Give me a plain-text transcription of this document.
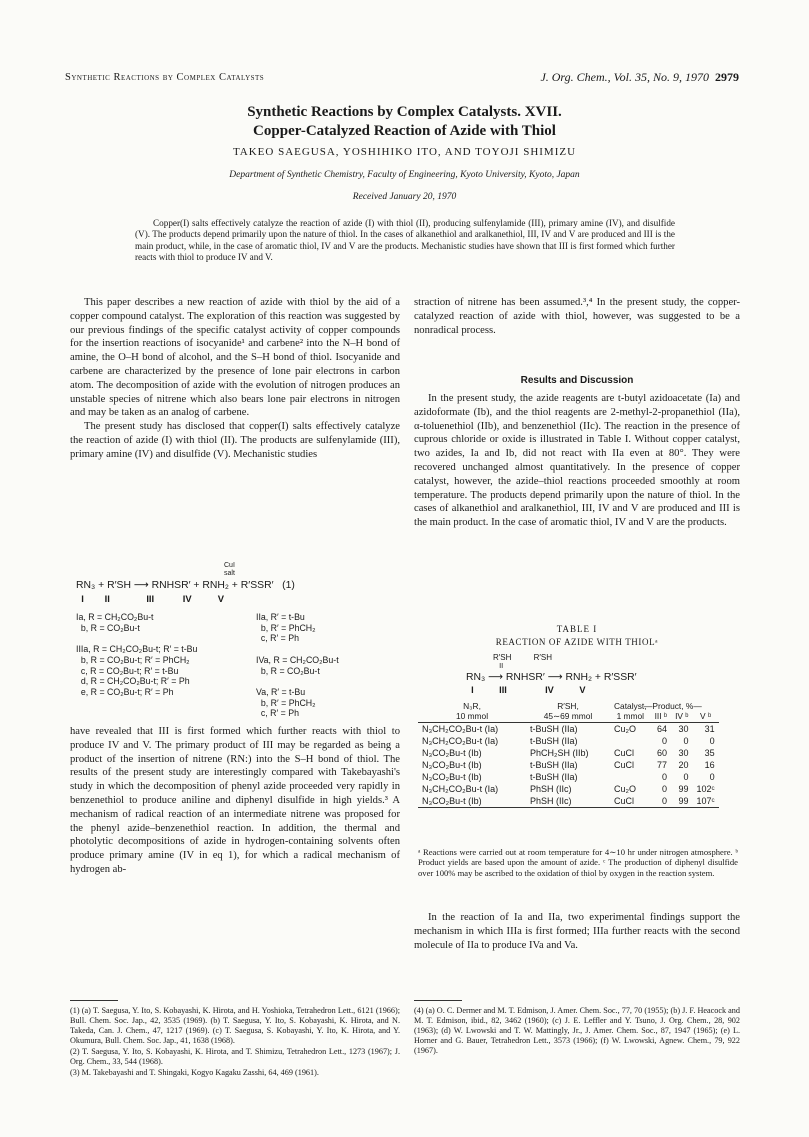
Synthetic Reactions by Complex Catalysts	J. Org. Chem., Vol. 35, No. 9, 1970 2979
Synthetic Reactions by Complex Catalysts. XVII.
Copper-Catalyzed Reaction of Azide with Thiol
TAKEO SAEGUSA, YOSHIHIKO ITO, AND TOYOJI SHIMIZU
Department of Synthetic Chemistry, Faculty of Engineering, Kyoto University, Kyoto, Japan
Received January 20, 1970
Copper(I) salts effectively catalyze the reaction of azide (I) with thiol (II), producing sulfenylamide (III), primary amine (IV), and disulfide (V). The products depend primarily upon the nature of thiol. In the cases of alkanethiol and aralkanethiol, III, IV and V are produced and III is the main product, while, in the case of aromatic thiol, IV and V are the products. Mechanistic studies have shown that III is first formed which further reacts with thiol to produce IV and V.

This paper describes a new reaction of azide with thiol by the aid of a copper compound catalyst. The exploration of this reaction was suggested by our previous findings of the specific catalyst activity of copper compounds for the insertion reactions of isocyanide¹ and carbene² into the N–H bond of amine, the O–H bond of alcohol, and the S–H bond of thiol. Isocyanide and carbene are characterized by the presence of lone pair electrons in carbon atom. The decomposition of azide with the evolution of nitrogen produces an unstable species of nitrene which also bears lone pair electrons in nitrogen and may be taken as an analog of carbene.

The present study has disclosed that copper(I) salts effectively catalyze the reaction of azide (I) with thiol (II). The products are sulfenylamide (III), primary amine (IV) and disulfide (V). Mechanistic studies

CuI
salt
RN₃ + R′SH ⟶ RNHSR′ + RNH₂ + R′SSR′   (1)
I        II              III           IV          V
Ia, R = CH₂CO₂Bu-t
b, R = CO₂Bu-t

IIIa, R = CH₂CO₂Bu-t; R′ = t-Bu
b, R = CO₂Bu-t; R′ = PhCH₂
c, R = CO₂Bu-t; R′ = t-Bu
d, R = CH₂CO₂Bu-t; R′ = Ph
e, R = CO₂Bu-t; R′ = Ph
IIa, R′ = t-Bu
b, R′ = PhCH₂
c, R′ = Ph

IVa, R = CH₂CO₂Bu-t
b, R = CO₂Bu-t

Va, R′ = t-Bu
b, R′ = PhCH₂
c, R′ = Ph

have revealed that III is first formed which further reacts with thiol to produce IV and V. The primary product of III may be regarded as being a product of the insertion of nitrene (RN:) into the S–H bond of thiol. The results of the present study are interestingly compared with Takebayashi's study in which the decomposition of phenyl azide proceeded very rapidly in benzenethiol to produce aniline and diphenyl disulfide in high yields.³ A mechanism of radical reaction of an intermediate nitrene was proposed for the phenyl azide–benzenethiol reaction. In addition, the thermal and photolytic decompositions of azide in hydrogen-containing solvents often produce primary amine (IV in eq 1), for which a radical mechanism of hydrogen ab-

(1) (a) T. Saegusa, Y. Ito, S. Kobayashi, K. Hirota, and H. Yoshioka, Tetrahedron Lett., 6121 (1966); Bull. Chem. Soc. Jap., 42, 3535 (1969). (b) T. Saegusa, Y. Ito, S. Kobayashi, K. Hirota, and N. Takeda, Can. J. Chem., 47, 1217 (1969). (c) T. Saegusa, S. Kobayashi, Y. Ito, K. Hirota, and Y. Okumura, Bull. Chem. Soc. Jap., 41, 1638 (1968).
(2) T. Saegusa, Y. Ito, S. Kobayashi, K. Hirota, and T. Shimizu, Tetrahedron Lett., 1273 (1967); J. Org. Chem., 33, 544 (1968).
(3) M. Takebayashi and T. Shingaki, Kogyo Kagaku Zasshi, 64, 469 (1961).

straction of nitrene has been assumed.³,⁴ In the present study, the copper-catalyzed reaction of azide with thiol, however, was suggested to be a nonradical process.

Results and Discussion

In the present study, the azide reagents are t-butyl azidoacetate (Ia) and azidoformate (Ib), and the thiol reagents are 2-methyl-2-propanethiol (IIa), α-toluenethiol (IIb), and benzenethiol (IIc). The reaction in the presence of cuprous chloride or oxide is illustrated in Table I. Without copper catalyst, two azides, Ia and Ib, did not react with IIa even at 80°. They were recovered unchanged almost quantitatively. In the presence of copper catalyst, however, the azide–thiol reactions proceeded smoothly at room temperature. The products depend primarily upon the nature of thiol. In the cases of alkanethiol and aralkanethiol, III, IV and V are produced and III is the main product. In the case of aromatic thiol, IV and V are the products.

TABLE I
REACTION OF AZIDE WITH THIOLᵃ
R′SH          R′SH
II
RN₃ ⟶ RNHSR′ ⟶ RNH₂ + R′SSR′
I          III               IV          V
—Product, %—
N₃R,
10 mmol	R′SH,
45∼69 mmol	Catalyst,
1 mmol	III ᵇ	IV ᵇ	V ᵇ
N₃CH₂CO₂Bu-t (Ia)	t-BuSH (IIa)	Cu₂O	64	30	31
N₃CH₂CO₂Bu-t (Ia)	t-BuSH (IIa)		0	0	0
N₃CO₂Bu-t (Ib)	PhCH₂SH (IIb)	CuCl	60	30	35
N₃CO₂Bu-t (Ib)	t-BuSH (IIa)	CuCl	77	20	16
N₃CO₂Bu-t (Ib)	t-BuSH (IIa)		0	0	0
N₃CH₂CO₂Bu-t (Ia)	PhSH (IIc)	Cu₂O	0	99	102ᶜ
N₃CO₂Bu-t (Ib)	PhSH (IIc)	CuCl	0	99	107ᶜ
ᵃ Reactions were carried out at room temperature for 4∼10 hr under nitrogen atmosphere. ᵇ Product yields are based upon the amount of azide. ᶜ The production of diphenyl disulfide over 100% may be ascribed to the oxidation of thiol by oxygen in the reaction system.

In the reaction of Ia and IIa, two experimental findings support the mechanism in which IIIa is first formed; IIIa further reacts with the second molecule of IIa to produce IVa and Va.

(4) (a) O. C. Dermer and M. T. Edmison, J. Amer. Chem. Soc., 77, 70 (1955); (b) J. F. Heacock and M. T. Edmison, ibid., 82, 3462 (1960); (c) J. E. Leffler and Y. Tsuno, J. Org. Chem., 28, 902 (1963); (d) W. Lwowski and T. W. Mattingly, Jr., J. Amer. Chem. Soc., 87, 1947 (1965); (e) L. Horner and G. Bauer, Tetrahedron Lett., 3573 (1966); (f) W. Lwowski, Agnew. Chem., 79, 922 (1967).
